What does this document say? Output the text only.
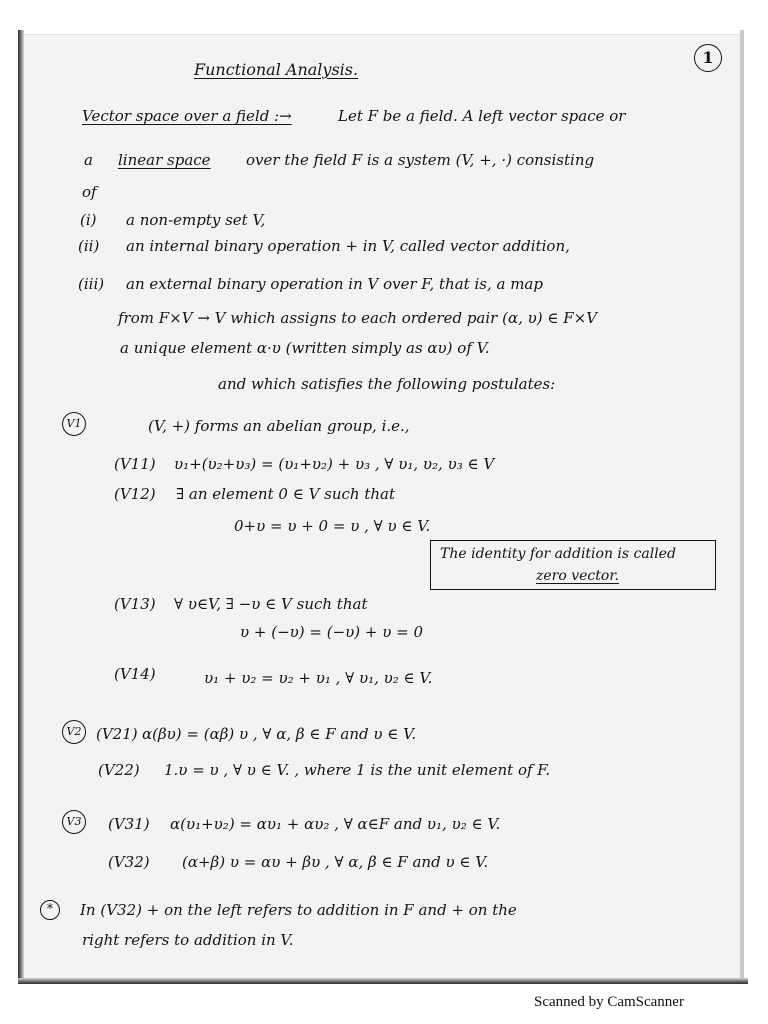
Functional Analysis.
1
Vector space over a field :→	Let F be a field. A left vector space or
a linear space over the field F is a system (V, +, ·) consisting
of
(i) a non-empty set V,
(ii) an internal binary operation + in V, called vector addition,
(iii) an external binary operation in V over F, that is, a map
from F×V → V which assigns to each ordered pair (α, υ) ∈ F×V
a unique element α·υ (written simply as αυ) of V.
and which satisfies the following postulates:
V1	(V, +) forms an abelian group, i.e.,
(V11) υ₁+(υ₂+υ₃) = (υ₁+υ₂) + υ₃ , ∀ υ₁, υ₂, υ₃ ∈ V
(V12) ∃ an element 0 ∈ V such that
0+υ = υ + 0 = υ , ∀ υ ∈ V.
The identity for addition is called
zero vector.
(V13) ∀ υ∈V, ∃ −υ ∈ V such that
υ + (−υ) = (−υ) + υ = 0
(V14)	υ₁ + υ₂ = υ₂ + υ₁ , ∀ υ₁, υ₂ ∈ V.
V2 (V21) α(βυ) = (αβ) υ , ∀ α, β ∈ F and υ ∈ V.
(V22) 1.υ = υ , ∀ υ ∈ V. , where 1 is the unit element of F.
V3	(V31) α(υ₁+υ₂) = αυ₁ + αυ₂ , ∀ α∈F and υ₁, υ₂ ∈ V.
(V32) (α+β) υ = αυ + βυ , ∀ α, β ∈ F and υ ∈ V.
*	In (V32) + on the left refers to addition in F and + on the
right refers to addition in V.
Scanned by CamScanner
